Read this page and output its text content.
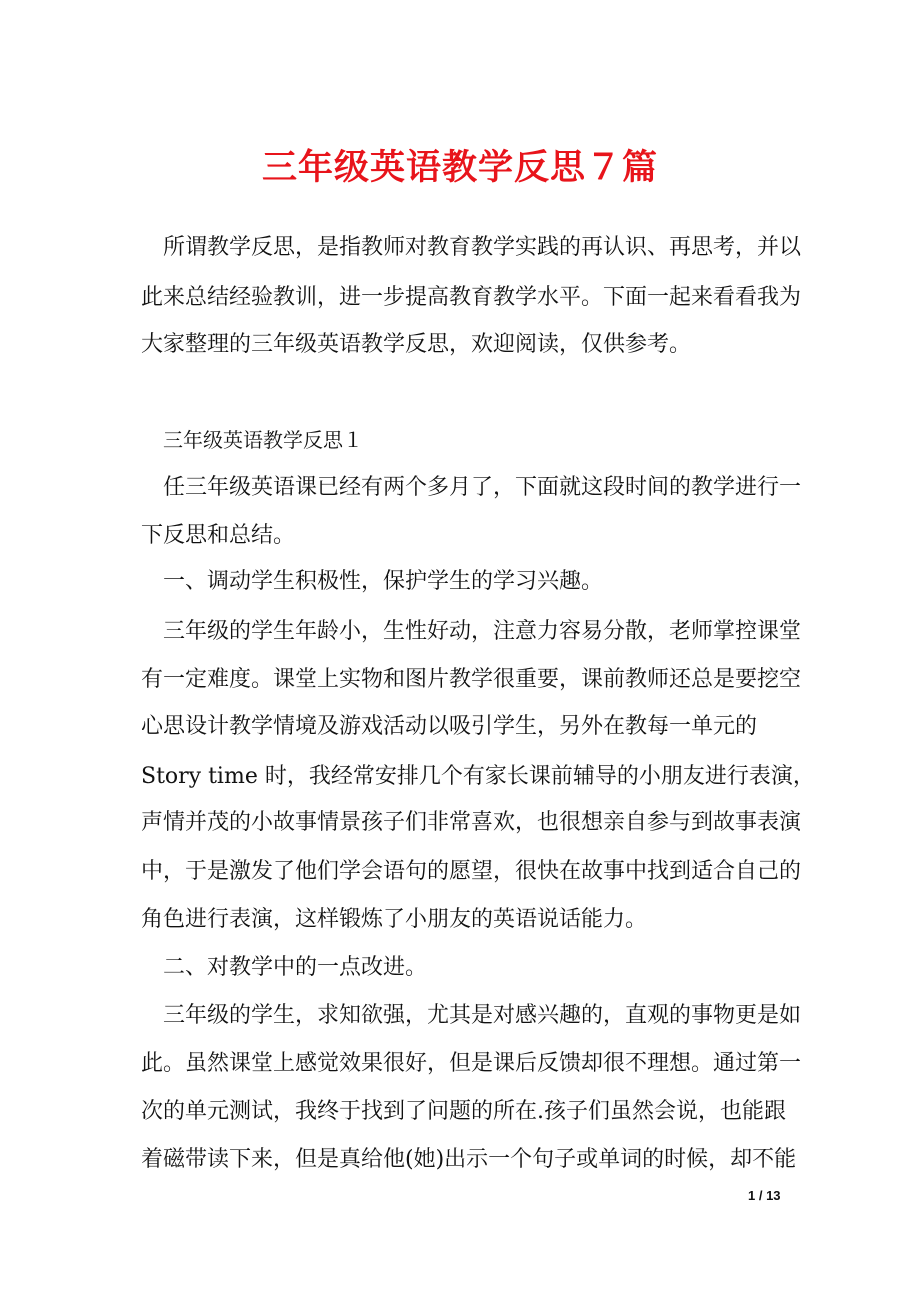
三年级英语教学反思７篇
所谓教学反思，是指教师对教育教学实践的再认识、再思考，并以
此来总结经验教训，进一步提高教育教学水平。下面一起来看看我为
大家整理的三年级英语教学反思，欢迎阅读，仅供参考。
三年级英语教学反思１
任三年级英语课已经有两个多月了，下面就这段时间的教学进行一
下反思和总结。
一、调动学生积极性，保护学生的学习兴趣。
三年级的学生年龄小，生性好动，注意力容易分散，老师掌控课堂
有一定难度。课堂上实物和图片教学很重要，课前教师还总是要挖空
心思设计教学情境及游戏活动以吸引学生，另外在教每一单元的
Story time 时，我经常安排几个有家长课前辅导的小朋友进行表演，
声情并茂的小故事情景孩子们非常喜欢，也很想亲自参与到故事表演
中，于是激发了他们学会语句的愿望，很快在故事中找到适合自己的
角色进行表演，这样锻炼了小朋友的英语说话能力。
二、对教学中的一点改进。
三年级的学生，求知欲强，尤其是对感兴趣的，直观的事物更是如
此。虽然课堂上感觉效果很好，但是课后反馈却很不理想。通过第一
次的单元测试，我终于找到了问题的所在.孩子们虽然会说，也能跟
着磁带读下来，但是真给他(她)出示一个句子或单词的时候，却不能
1 / 13
